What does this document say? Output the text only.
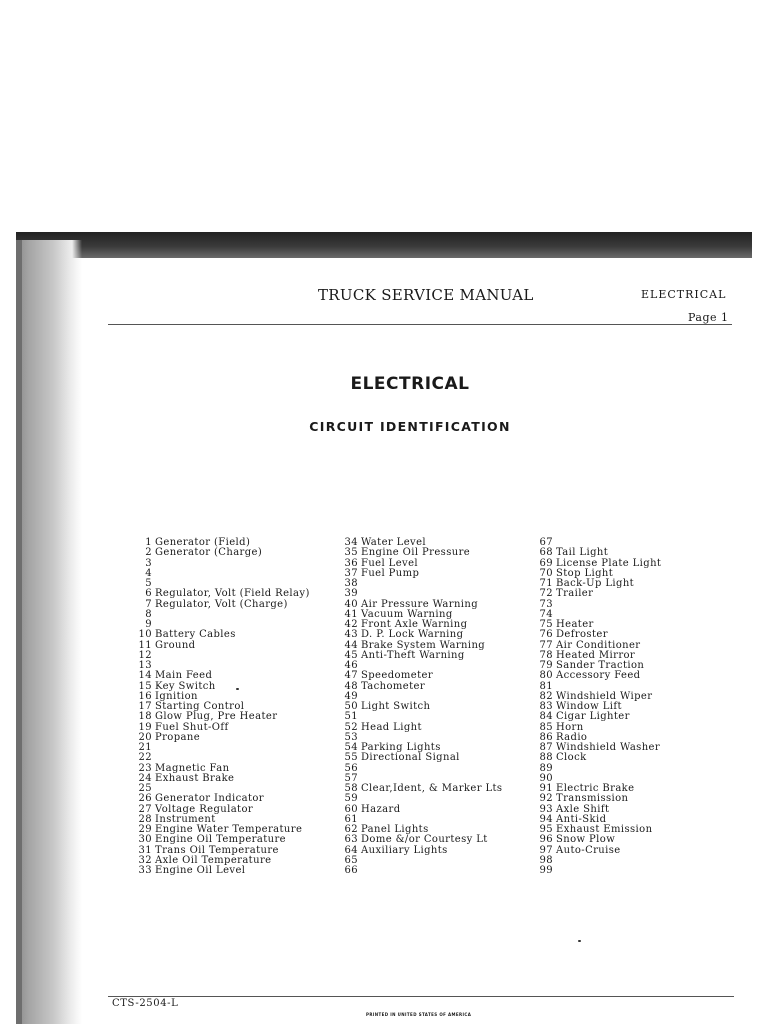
TRUCK SERVICE MANUAL	ELECTRICAL
Page 1
ELECTRICAL
CIRCUIT IDENTIFICATION
1 Generator (Field)
2 Generator (Charge)
3
4
5
6 Regulator, Volt (Field Relay)
7 Regulator, Volt (Charge)
8
9
10 Battery Cables
11 Ground
12
13
14 Main Feed
15 Key Switch
16 Ignition
17 Starting Control
18 Glow Plug, Pre Heater
19 Fuel Shut-Off
20 Propane
21
22
23 Magnetic Fan
24 Exhaust Brake
25
26 Generator Indicator
27 Voltage Regulator
28 Instrument
29 Engine Water Temperature
30 Engine Oil Temperature
31 Trans Oil Temperature
32 Axle Oil Temperature
33 Engine Oil Level
34 Water Level
35 Engine Oil Pressure
36 Fuel Level
37 Fuel Pump
38
39
40 Air Pressure Warning
41 Vacuum Warning
42 Front Axle Warning
43 D. P. Lock Warning
44 Brake System Warning
45 Anti-Theft Warning
46
47 Speedometer
48 Tachometer
49
50 Light Switch
51
52 Head Light
53
54 Parking Lights
55 Directional Signal
56
57
58 Clear,Ident, & Marker Lts
59
60 Hazard
61
62 Panel Lights
63 Dome &/or Courtesy Lt
64 Auxiliary Lights
65
66
67
68 Tail Light
69 License Plate Light
70 Stop Light
71 Back-Up Light
72 Trailer
73
74
75 Heater
76 Defroster
77 Air Conditioner
78 Heated Mirror
79 Sander Traction
80 Accessory Feed
81
82 Windshield Wiper
83 Window Lift
84 Cigar Lighter
85 Horn
86 Radio
87 Windshield Washer
88 Clock
89
90
91 Electric Brake
92 Transmission
93 Axle Shift
94 Anti-Skid
95 Exhaust Emission
96 Snow Plow
97 Auto-Cruise
98
99
CTS-2504-L
PRINTED IN UNITED STATES OF AMERICA
